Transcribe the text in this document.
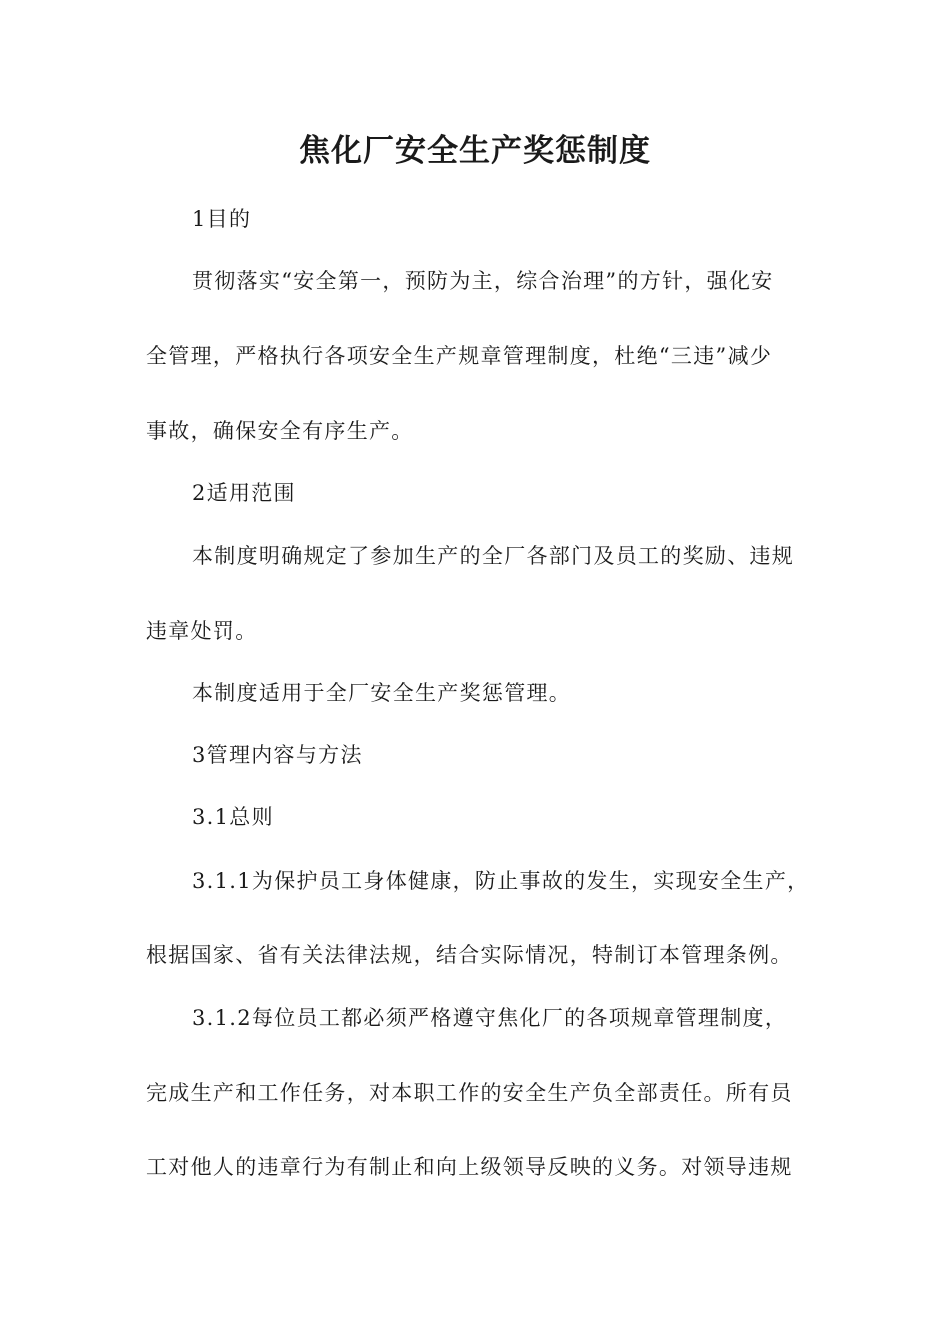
焦化厂安全生产奖惩制度
1目的
贯彻落实“安全第一，预防为主，综合治理”的方针，强化安
全管理，严格执行各项安全生产规章管理制度，杜绝“三违”减少
事故，确保安全有序生产。
2适用范围
本制度明确规定了参加生产的全厂各部门及员工的奖励、违规
违章处罚。
本制度适用于全厂安全生产奖惩管理。
3管理内容与方法
3.1总则
3.1.1为保护员工身体健康，防止事故的发生，实现安全生产，
根据国家、省有关法律法规，结合实际情况，特制订本管理条例。
3.1.2每位员工都必须严格遵守焦化厂的各项规章管理制度，
完成生产和工作任务，对本职工作的安全生产负全部责任。所有员
工对他人的违章行为有制止和向上级领导反映的义务。对领导违规
